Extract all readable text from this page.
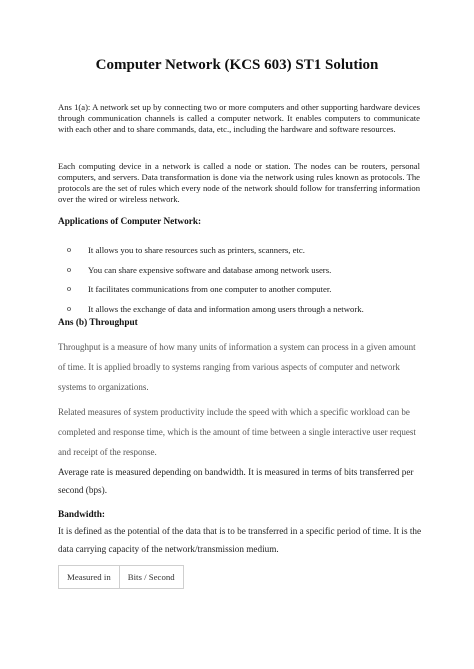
Computer Network (KCS 603) ST1 Solution

Ans 1(a): A network set up by connecting two or more computers and other supporting hardware devices through communication channels is called a computer network. It enables computers to communicate with each other and to share commands, data, etc., including the hardware and software resources.

Each computing device in a network is called a node or station. The nodes can be routers, personal computers, and servers. Data transformation is done via the network using rules known as protocols. The protocols are the set of rules which every node of the network should follow for transferring information over the wired or wireless network.

Applications of Computer Network:

o It allows you to share resources such as printers, scanners, etc.
o You can share expensive software and database among network users.
o It facilitates communications from one computer to another computer.
o It allows the exchange of data and information among users through a network.

Ans (b) Throughput

Throughput is a measure of how many units of information a system can process in a given amount of time. It is applied broadly to systems ranging from various aspects of computer and network systems to organizations.

Related measures of system productivity include the speed with which a specific workload can be completed and response time, which is the amount of time between a single interactive user request and receipt of the response.

Average rate is measured depending on bandwidth. It is measured in terms of bits transferred per second (bps).

Bandwidth:

It is defined as the potential of the data that is to be transferred in a specific period of time. It is the data carrying capacity of the network/transmission medium.

Measured in	Bits / Second
